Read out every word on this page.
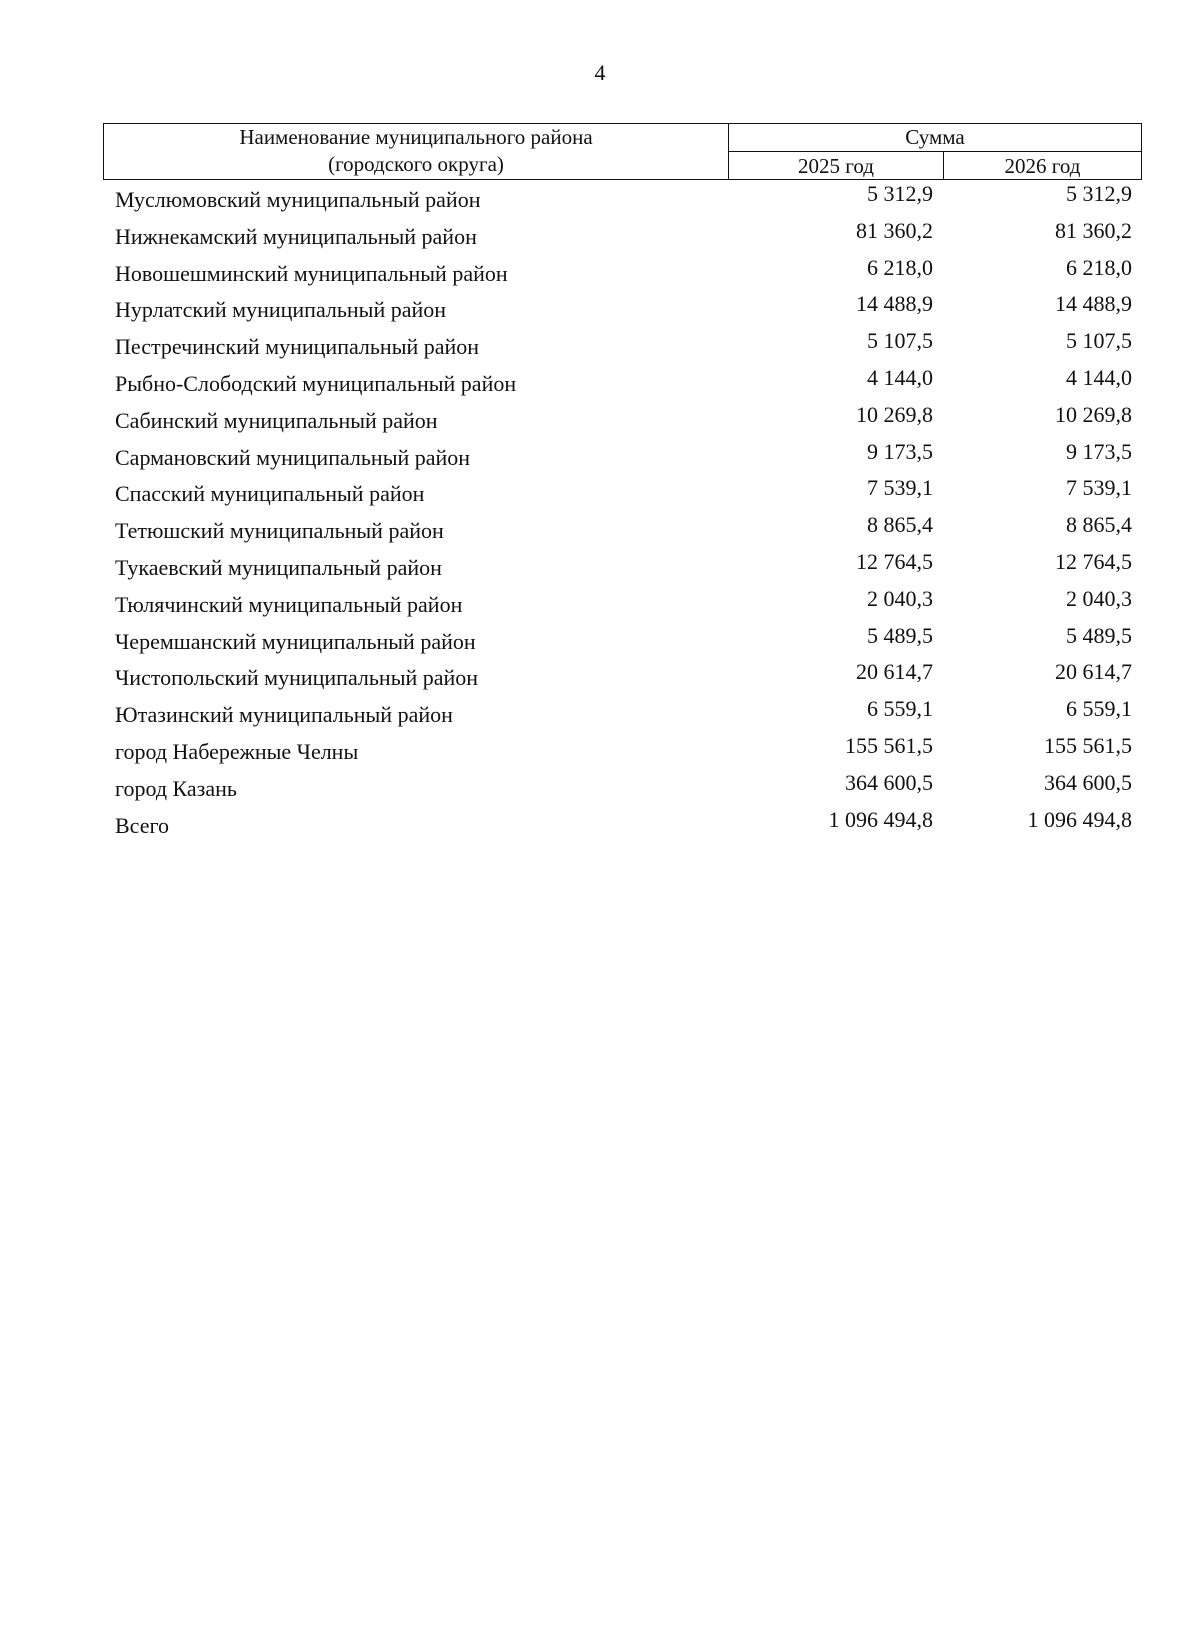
4
Наименование муниципального района
(городского округа)
Сумма
2025 год	2026 год
Муслюмовский муниципальный район	5 312,9	5 312,9
Нижнекамский муниципальный район	81 360,2	81 360,2
Новошешминский муниципальный район	6 218,0	6 218,0
Нурлатский муниципальный район	14 488,9	14 488,9
Пестречинский муниципальный район	5 107,5	5 107,5
Рыбно-Слободский муниципальный район	4 144,0	4 144,0
Сабинский муниципальный район	10 269,8	10 269,8
Сармановский муниципальный район	9 173,5	9 173,5
Спасский муниципальный район	7 539,1	7 539,1
Тетюшский муниципальный район	8 865,4	8 865,4
Тукаевский муниципальный район	12 764,5	12 764,5
Тюлячинский муниципальный район	2 040,3	2 040,3
Черемшанский муниципальный район	5 489,5	5 489,5
Чистопольский муниципальный район	20 614,7	20 614,7
Ютазинский муниципальный район	6 559,1	6 559,1
город Набережные Челны	155 561,5	155 561,5
город Казань	364 600,5	364 600,5
Всего	1 096 494,8	1 096 494,8
